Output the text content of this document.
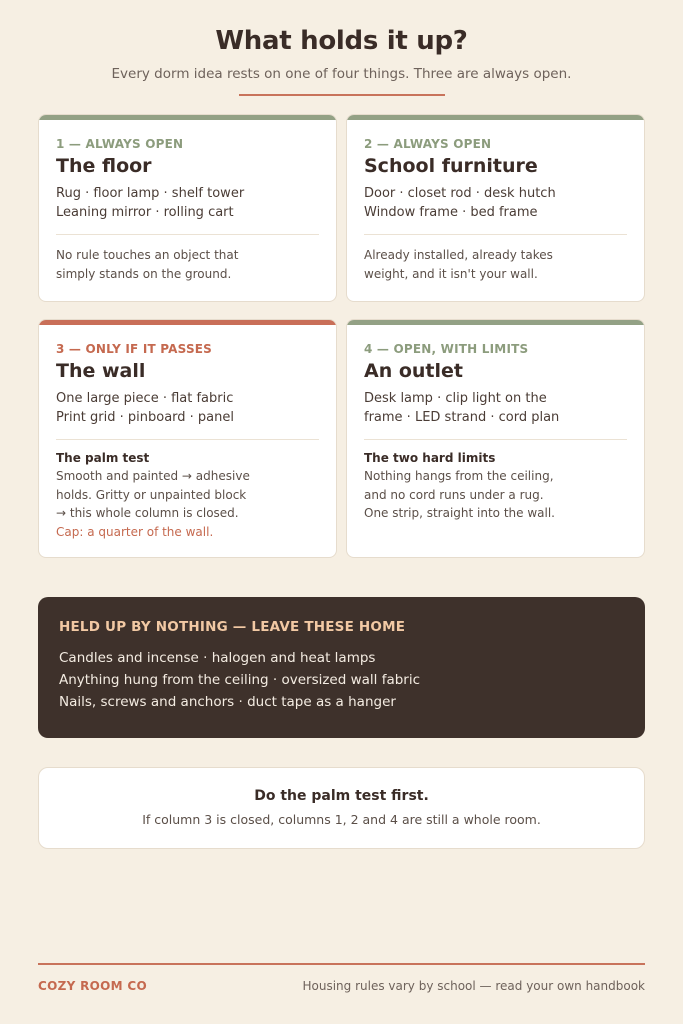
What holds it up?

Every dorm idea rests on one of four things. Three are always open.

1 — ALWAYS OPEN
The floor
Rug · floor lamp · shelf tower
Leaning mirror · rolling cart
No rule touches an object that
simply stands on the ground.
2 — ALWAYS OPEN
School furniture
Door · closet rod · desk hutch
Window frame · bed frame
Already installed, already takes
weight, and it isn't your wall.
3 — ONLY IF IT PASSES
The wall
One large piece · flat fabric
Print grid · pinboard · panel
The palm test
Smooth and painted → adhesive
holds. Gritty or unpainted block
→ this whole column is closed.
Cap: a quarter of the wall.
4 — OPEN, WITH LIMITS
An outlet
Desk lamp · clip light on the
frame · LED strand · cord plan
The two hard limits
Nothing hangs from the ceiling,
and no cord runs under a rug.
One strip, straight into the wall.
HELD UP BY NOTHING — LEAVE THESE HOME
Candles and incense · halogen and heat lamps
Anything hung from the ceiling · oversized wall fabric
Nails, screws and anchors · duct tape as a hanger
Do the palm test first.
If column 3 is closed, columns 1, 2 and 4 are still a whole room.
COZY ROOM CO	Housing rules vary by school — read your own handbook
